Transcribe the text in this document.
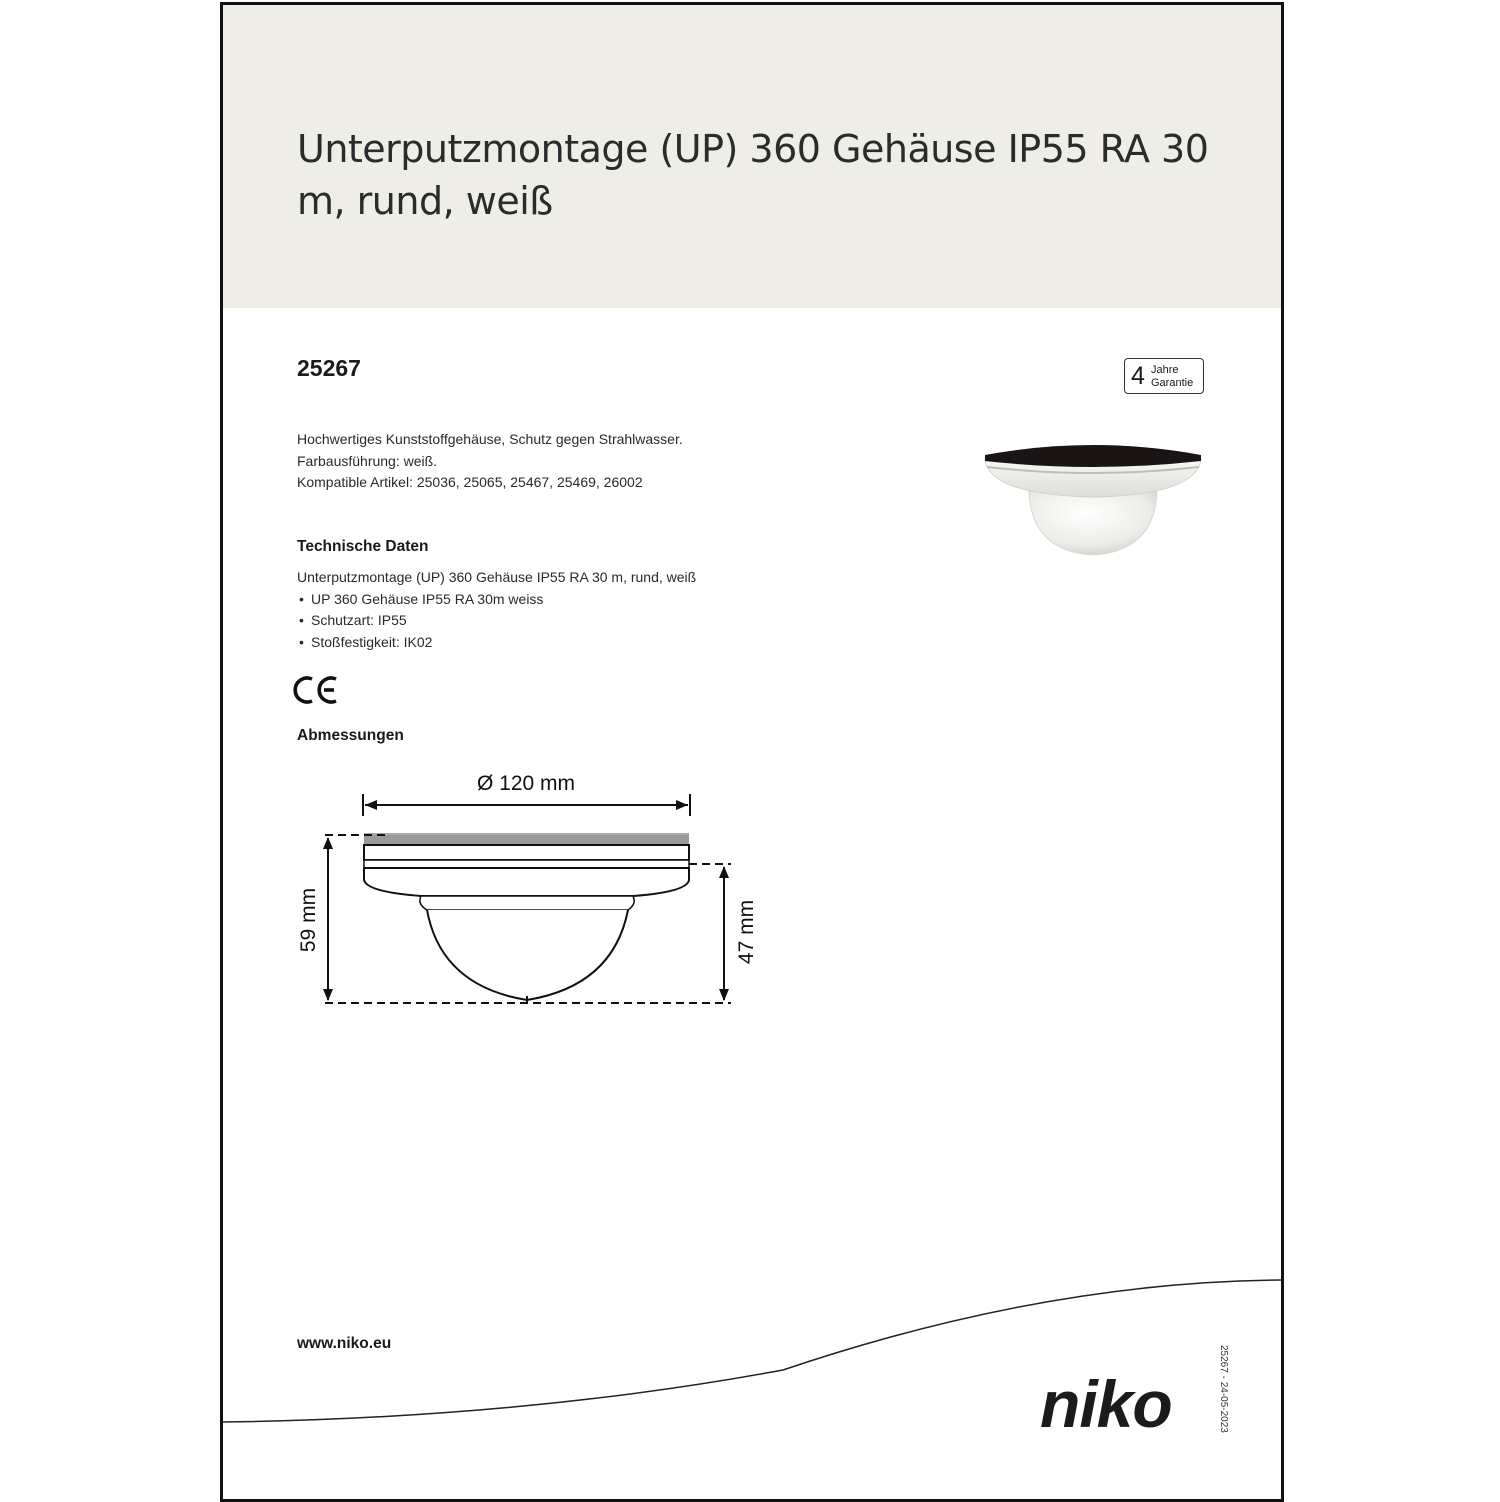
Unterputzmontage (UP) 360 Gehäuse IP55 RA 30 m, rund, weiß
25267	4 Jahre
Garantie
Hochwertiges Kunststoffgehäuse, Schutz gegen Strahlwasser.
Farbausführung: weiß.
Kompatible Artikel: 25036, 25065, 25467, 25469, 26002
Technische Daten
Unterputzmontage (UP) 360 Gehäuse IP55 RA 30 m, rund, weiß
• UP 360 Gehäuse IP55 RA 30m weiss
• Schutzart: IP55
• Stoßfestigkeit: IK02
Abmessungen
Ø 120 mm
59 mm	47 mm
www.niko.eu
niko	25267 - 24-05-2023
